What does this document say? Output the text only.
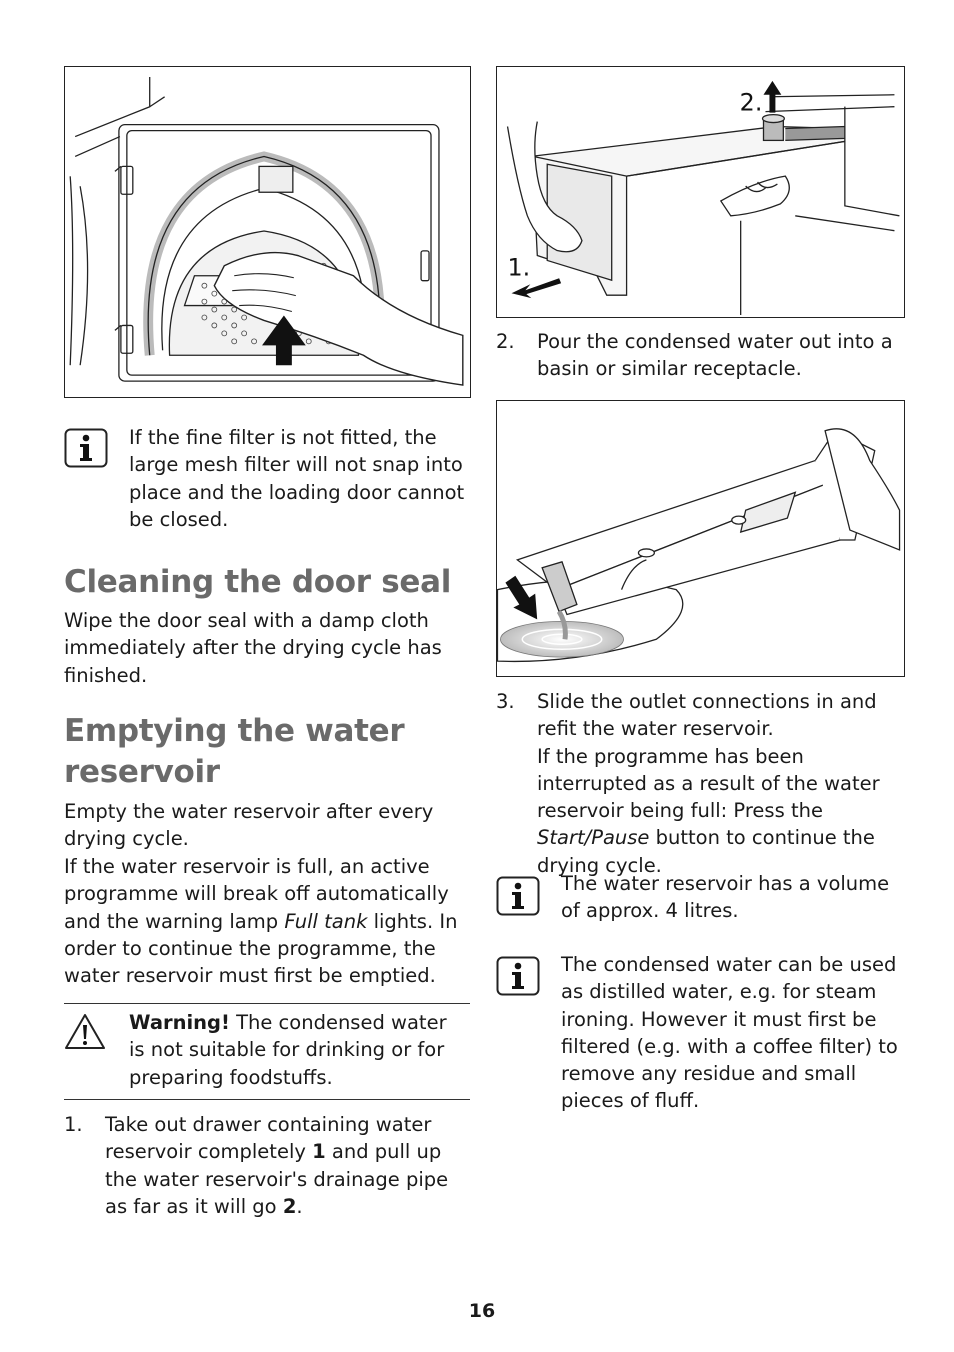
If the fine filter is not fitted, the large mesh filter will not snap into place and the loading door cannot be closed.
Cleaning the door seal
Wipe the door seal with a damp cloth immediately after the drying cycle has finished.
Emptying the water
reservoir
Empty the water reservoir after every drying cycle.
If the water reservoir is full, an active programme will break off automatically and the warning lamp Full tank lights. In order to continue the programme, the water reservoir must first be emptied.
Warning! The condensed water is not suitable for drinking or for preparing foodstuffs.
1. Take out drawer containing water reservoir completely 1 and pull up the water reservoir's drainage pipe as far as it will go 2.
1.
2.
2. Pour the condensed water out into a basin or similar receptacle.
3. Slide the outlet connections in and refit the water reservoir.
If the programme has been interrupted as a result of the water reservoir being full: Press the Start/Pause button to continue the drying cycle.
The water reservoir has a volume of approx. 4 litres.
The condensed water can be used as distilled water, e.g. for steam ironing. However it must first be filtered (e.g. with a coffee filter) to remove any residue and small pieces of fluff.
16
